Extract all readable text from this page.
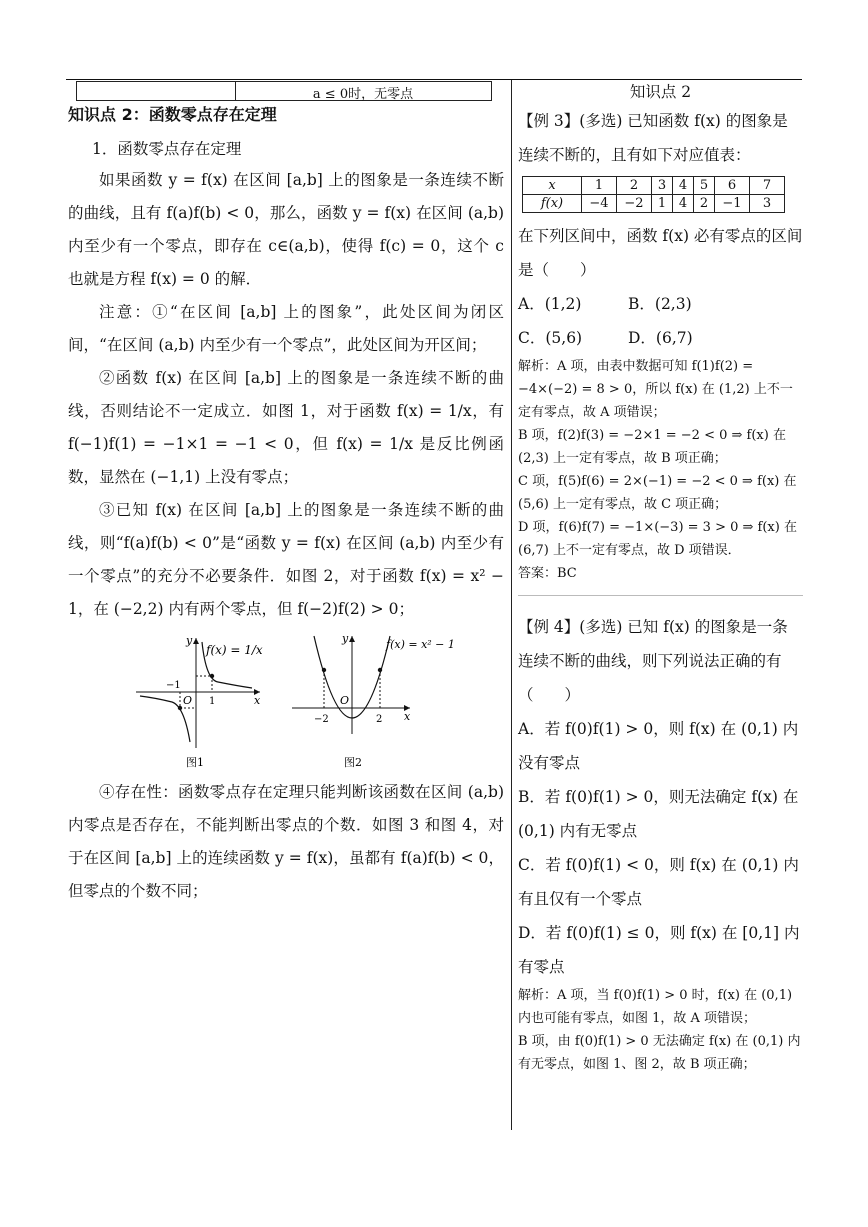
a ≤ 0时，无零点
知识点 2：函数零点存在定理
1．函数零点存在定理

如果函数 y = f(x) 在区间 [a,b] 上的图象是一条连续不断的曲线，且有 f(a)f(b) < 0，那么，函数 y = f(x) 在区间 (a,b) 内至少有一个零点，即存在 c∈(a,b)，使得 f(c) = 0，这个 c 也就是方程 f(x) = 0 的解．

注意：①“在区间 [a,b] 上的图象”，此处区间为闭区间，“在区间 (a,b) 内至少有一个零点”，此处区间为开区间；

②函数 f(x) 在区间 [a,b] 上的图象是一条连续不断的曲线，否则结论不一定成立．如图 1，对于函数 f(x) = 1/x，有 f(−1)f(1) = −1×1 = −1 < 0，但 f(x) = 1/x 是反比例函数，显然在 (−1,1) 上没有零点；

③已知 f(x) 在区间 [a,b] 上的图象是一条连续不断的曲线，则“f(a)f(b) < 0”是“函数 y = f(x) 在区间 (a,b) 内至少有一个零点”的充分不必要条件．如图 2，对于函数 f(x) = x² − 1，在 (−2,2) 内有两个零点，但 f(−2)f(2) > 0；

f(x) = 1/x
y
x
O 1
−1
图1
f(x) = x² − 1
y
x
O
2
−2
图2

④存在性：函数零点存在定理只能判断该函数在区间 (a,b) 内零点是否存在，不能判断出零点的个数．如图 3 和图 4，对于在区间 [a,b] 上的连续函数 y = f(x)，虽都有 f(a)f(b) < 0，但零点的个数不同；

知识点 2

【例 3】(多选) 已知函数 f(x) 的图象是连续不断的，且有如下对应值表：

x	1	2	3	4	5	6	7
f(x)	−4	−2	1	4	2	−1	3

在下列区间中，函数 f(x) 必有零点的区间是（　　）

A．(1,2)	B．(2,3)
C．(5,6)	D．(6,7)

解析：A 项，由表中数据可知 f(1)f(2) = −4×(−2) = 8 > 0，所以 f(x) 在 (1,2) 上不一定有零点，故 A 项错误；

B 项，f(2)f(3) = −2×1 = −2 < 0 ⇒ f(x) 在 (2,3) 上一定有零点，故 B 项正确；

C 项，f(5)f(6) = 2×(−1) = −2 < 0 ⇒ f(x) 在 (5,6) 上一定有零点，故 C 项正确；

D 项，f(6)f(7) = −1×(−3) = 3 > 0 ⇒ f(x) 在 (6,7) 上不一定有零点，故 D 项错误．

答案：BC

【例 4】(多选) 已知 f(x) 的图象是一条连续不断的曲线，则下列说法正确的有（　　）

A．若 f(0)f(1) > 0，则 f(x) 在 (0,1) 内没有零点

B．若 f(0)f(1) > 0，则无法确定 f(x) 在 (0,1) 内有无零点

C．若 f(0)f(1) < 0，则 f(x) 在 (0,1) 内有且仅有一个零点

D．若 f(0)f(1) ≤ 0，则 f(x) 在 [0,1] 内有零点

解析：A 项，当 f(0)f(1) > 0 时，f(x) 在 (0,1) 内也可能有零点，如图 1，故 A 项错误；

B 项，由 f(0)f(1) > 0 无法确定 f(x) 在 (0,1) 内有无零点，如图 1、图 2，故 B 项正确；
